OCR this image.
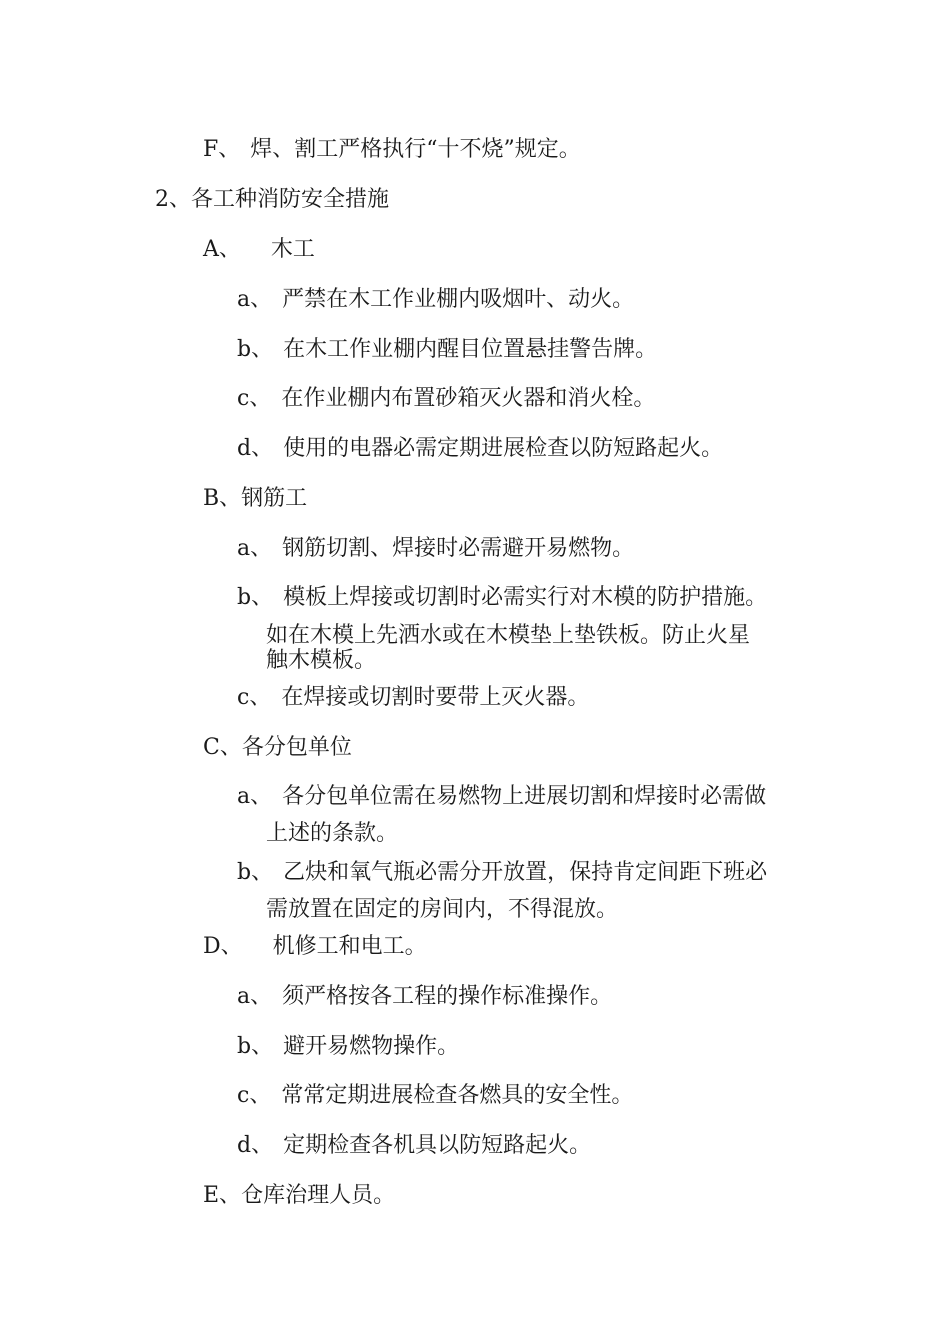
F、 焊、割工严格执行“十不烧”规定。
2、各工种消防安全措施
A、 木工
a、 严禁在木工作业棚内吸烟叶、动火。
b、 在木工作业棚内醒目位置悬挂警告牌。
c、 在作业棚内布置砂箱灭火器和消火栓。
d、 使用的电器必需定期进展检查以防短路起火。
B、钢筋工
a、 钢筋切割、焊接时必需避开易燃物。
b、 模板上焊接或切割时必需实行对木模的防护措施。
如在木模上先洒水或在木模垫上垫铁板。防止火星
触木模板。
c、 在焊接或切割时要带上灭火器。
C、各分包单位
a、 各分包单位需在易燃物上进展切割和焊接时必需做
上述的条款。
b、 乙炔和氧气瓶必需分开放置，保持肯定间距下班必
需放置在固定的房间内，不得混放。
D、 机修工和电工。
a、 须严格按各工程的操作标准操作。
b、 避开易燃物操作。
c、 常常定期进展检查各燃具的安全性。
d、 定期检查各机具以防短路起火。
E、仓库治理人员。
